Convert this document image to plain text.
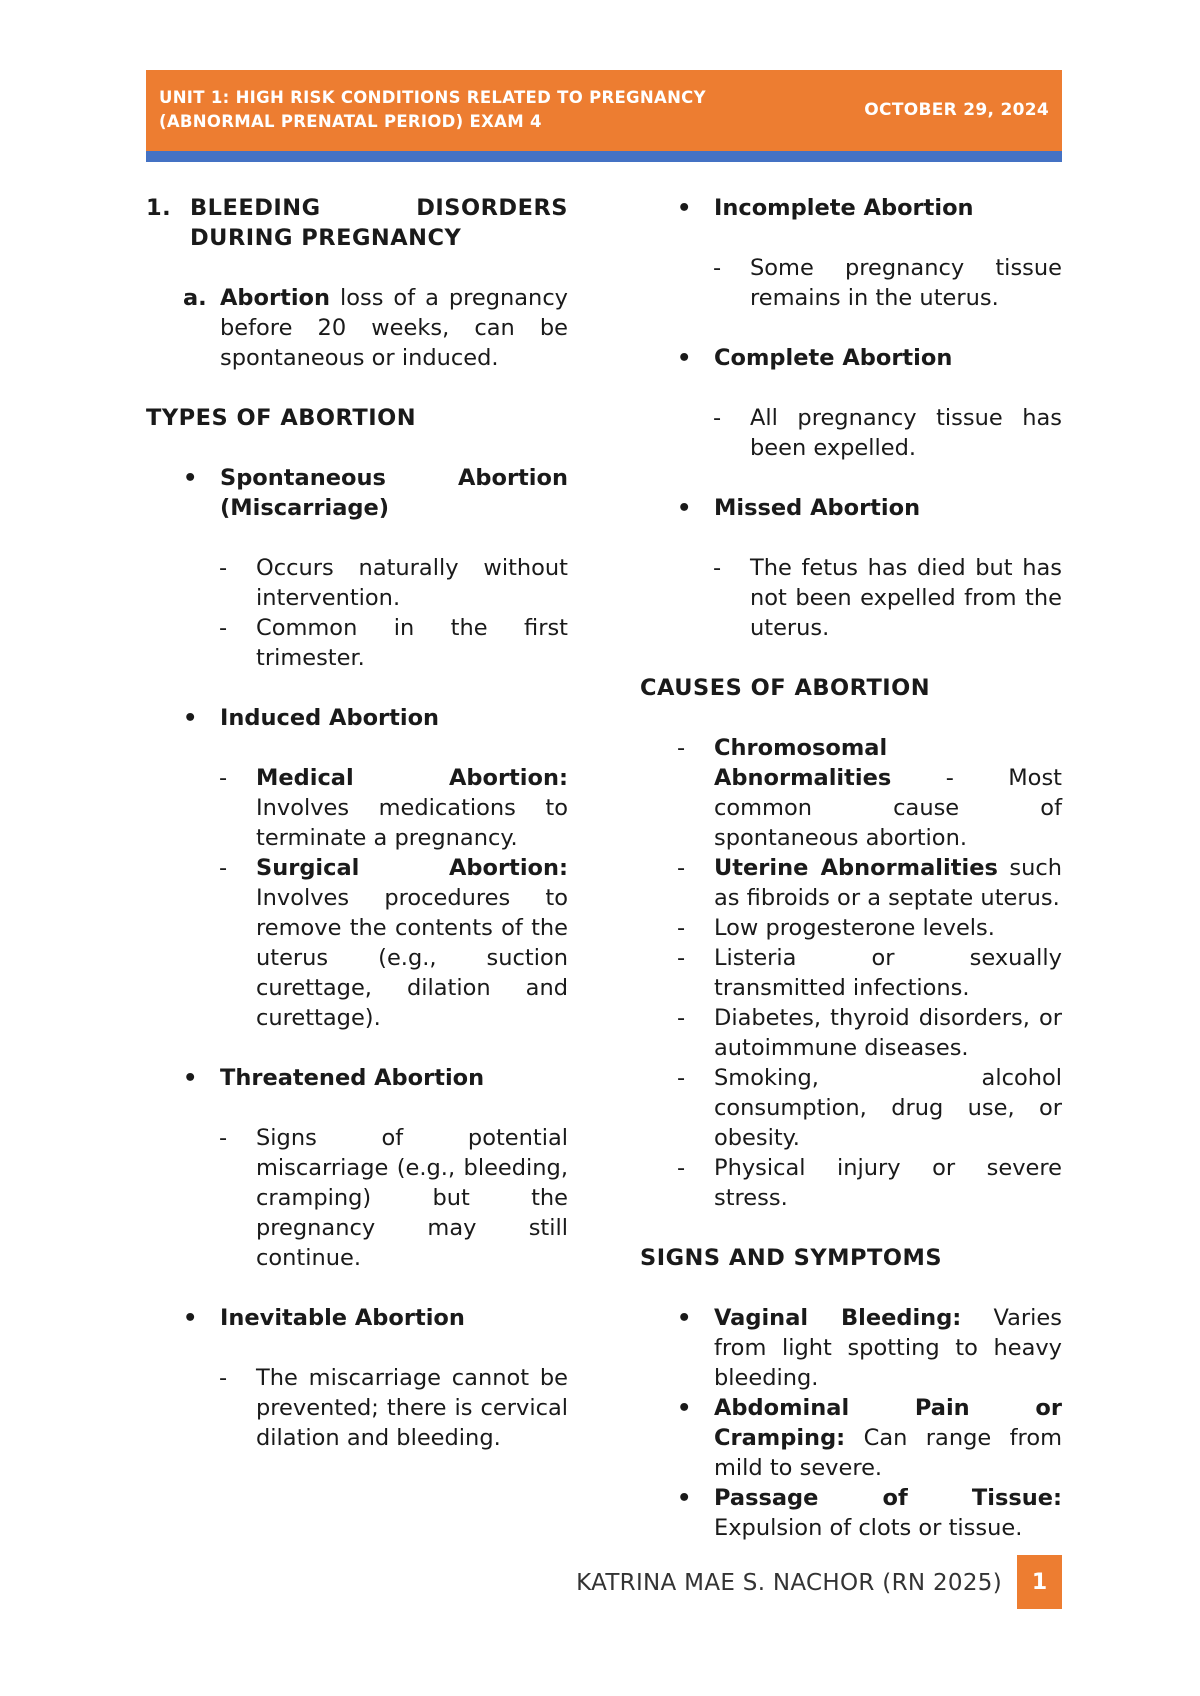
UNIT 1: HIGH RISK CONDITIONS RELATED TO PREGNANCY
(ABNORMAL PRENATAL PERIOD) EXAM 4
OCTOBER 29, 2024
1. BLEEDING DISORDERS DURING PREGNANCY
a. Abortion loss of a pregnancy before 20 weeks, can be spontaneous or induced.
TYPES OF ABORTION
•	Spontaneous Abortion (Miscarriage)
-	Occurs naturally without intervention.
-	Common in the first trimester.
•	Induced Abortion
-	Medical Abortion: Involves medications to terminate a pregnancy.
-	Surgical Abortion: Involves procedures to remove the contents of the uterus (e.g., suction curettage, dilation and curettage).
•	Threatened Abortion
-	Signs of potential miscarriage (e.g., bleeding, cramping) but the pregnancy may still continue.
•	Inevitable Abortion
-	The miscarriage cannot be prevented; there is cervical dilation and bleeding.
•	Incomplete Abortion
-	Some pregnancy tissue remains in the uterus.
•	Complete Abortion
-	All pregnancy tissue has been expelled.
•	Missed Abortion
-	The fetus has died but has not been expelled from the uterus.
CAUSES OF ABORTION
-	Chromosomal Abnormalities - Most common cause of spontaneous abortion.
-	Uterine Abnormalities such as fibroids or a septate uterus.
-	Low progesterone levels.
-	Listeria or sexually transmitted infections.
-	Diabetes, thyroid disorders, or autoimmune diseases.
-	Smoking, alcohol consumption, drug use, or obesity.
-	Physical injury or severe stress.
SIGNS AND SYMPTOMS
•	Vaginal Bleeding: Varies from light spotting to heavy bleeding.
•	Abdominal Pain or Cramping: Can range from mild to severe.
•	Passage of Tissue: Expulsion of clots or tissue.
KATRINA MAE S. NACHOR (RN 2025)	1
